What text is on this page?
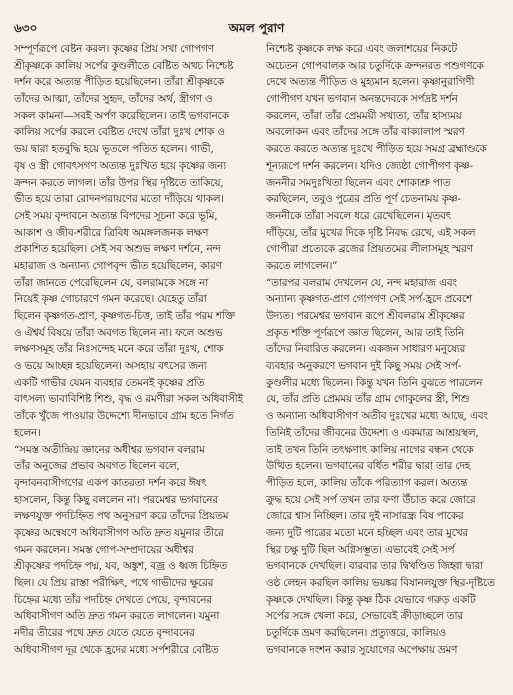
৬৩০	অমল পুরাণ
সম্পূর্ণরূপে বেষ্টন করল। কৃষ্ণের প্রিয় সখা গোপগণ
শ্রীকৃষ্ণকে কালিয় সর্পের কুণ্ডলীতে বেষ্টিত অথচ নিশ্চেষ্ট
দর্শন করে অত্যন্ত পীড়িত হয়েছিলেন। তাঁরা শ্রীকৃষ্ণকে
তাঁদের আত্মা, তাঁদের সুহৃদ, তাঁদের অর্থ, স্ত্রীগণ ও
সকল কামনা—সবই অর্পণ করেছিলেন। তাই ভগবানকে
কালিয় সর্পের করলে বেষ্টিত দেখে তাঁরা দুঃখ শোক ও
ভয় দ্বারা হতবুদ্ধি হয়ে ভূতলে পতিত হলেন। গাভী,
বৃষ ও স্ত্রী গোবৎসগণ অত্যন্ত দুঃখিত হয়ে কৃষ্ণের জন্য
ক্রন্দন করতে লাগল। তাঁর উপর স্থির দৃষ্টিতে তাকিয়ে,
ভীত হয়ে তারা রোদনপরায়ণের মতো দাঁড়িয়ে থাকল।
সেই সময় বৃন্দাবনে অত্যন্ত বিপদের সূচনা করে ভূমি,
আকাশ ও জীব-শরীরে ত্রিবিধ অমঙ্গলজনক লক্ষণ
প্রকাশিত হয়েছিল। সেই সব অশুভ লক্ষণ দর্শনে, নন্দ
মহারাজ ও অন্যান্য গোপবৃন্দ ভীত হয়েছিলেন, কারণ
তাঁরা জানতে পেরেছিলেন যে, বলরামকে সঙ্গে না
নিয়েই কৃষ্ণ গোচারণে গমন করেছে। যেহেতু তাঁরা
ছিলেন কৃষ্ণগত-প্রাণ, কৃষ্ণগত-চিত্ত, তাই তাঁর পরম শক্তি
ও ঐশ্বর্য বিষয়ে তাঁরা অবগত ছিলেন না। ফলে অশুভ
লক্ষণসমূহ তাঁর নিঃসন্দেহ মনে করে তাঁরা দুঃখ, শোক
ও ভয়ে আচ্ছন্ন হয়েছিলেন। অসহায় বৎসের জন্য
একটি গাভীর যেমন ব্যবহার তেমনই কৃষ্ণের প্রতি
বাৎসল্য ভাবাবিশিষ্ট শিশু, বৃদ্ধ ও রমণীরা সকল অধিবাসীই
তাঁকে খুঁজে পাওয়ার উদ্দেশ্যে দীনভাবে গ্রাম হতে নির্গত
হলেন।
“সমস্ত অতীন্দ্রিয় জ্ঞানের অধীশ্বর ভগবান বলরাম
তাঁর অনুজের প্রভাব অবগত ছিলেন বলে,
বৃন্দাবনবাসীগণের একপ কাতরতা দর্শন করে ঈষৎ
হাসলেন, কিন্তু কিছু বললেন না। পরমেশ্বর ভগবানের
লক্ষণযুক্ত পদচিহ্নিত পথ অনুসরণ করে তাঁদের প্রিয়তম
কৃষ্ণের অন্বেষণে অধিবাসীগণ অতি দ্রুত যমুনার তীরে
গমন করলেন। সমস্ত গোপ-সম্প্রদায়ের অধীশ্বর
শ্রীকৃষ্ণের পদচিহ্ন পদ্ম, যব, অঙ্কুশ, বজ্র ও ধ্বজ চিহ্নিত
ছিল। যে প্রিয় রাস্তা পরীক্ষিৎ, পথে গাভীদের ক্ষুরের
চিহ্নের মধ্যে তাঁর পদচিহ্ন দেখতে পেয়ে, বৃন্দাবনের
অধিবাসীগণ অতি দ্রুত গমন করতে লাগলেন। যমুনা
নদীর তীরের পথে দ্রুত যেতে যেতে বৃন্দাবনের
অধিবাসীগণ দূর থেকে হ্রদের মধ্যে সর্পশরীরে বেষ্টিত
নিশ্চেষ্ট কৃষ্ণকে লক্ষ করে এবং জলাশয়ের নিকটে
অচেতন গোপবালক আর চতুর্দিকে ক্রন্দনরত পশুগণকে
দেখে অত্যন্ত পীড়িত ও মুহ্যমান হলেন। কৃষ্ণানুরাগিণী
গোপীগণ যখন ভগবান অনন্তদেবকে সর্পদ্রষ্ট দর্শন
করলেন, তাঁরা তাঁর প্রেমময়ী সখ্যতা, তাঁর হাস্যময়
অবলোকন এবং তাঁদের সঙ্গে তাঁর বাক্যালাপ স্মরণ
করতে করতে অত্যন্ত দুঃখে পীড়িত হয়ে সমগ্র ব্রহ্মাণ্ডকে
শূন্যরূপে দর্শন করলেন। যদিও জ্যেষ্ঠা গোপীগণ কৃষ্ণ-
জননীর সমদুঃখিতা ছিলেন এবং শোকাশ্রু পাত
করছিলেন, তবুও পুত্রের প্রতি পূর্ণ চেতনাময় কৃষ্ণ-
জননীকে তাঁরা সবলে ধরে রেখেছিলেন। মৃতবৎ
দাঁড়িয়ে, তাঁর মুখের দিকে দৃষ্টি নিবদ্ধ রেখে, এই সকল
গোপীরা প্রত্যেকে ব্রজের প্রিয়তমের লীলাসমূহ স্মরণ
করতে লাগলেন।”
“তারপর বলরাম দেখলেন যে, নন্দ মহারাজ এবং
অন্যান্য কৃষ্ণগত-প্রাণ গোপগণ সেই সর্প-হ্রদে প্রবেশে
উদ্যত। পরমেশ্বর ভগবান রূপে শ্রীবলরাম শ্রীকৃষ্ণের
প্রকৃত শক্তি পূর্ণরূপে জ্ঞাত ছিলেন, আর তাই তিনি
তাঁদের নিবারিত করলেন। একজন সাধারণ মনুষ্যের
ব্যবহার অনুকরণে ভগবান দুই কিছু সময় সেই সর্প-
কুণ্ডলীর মধ্যে ছিলেন। কিন্তু যখন তিনি বুঝতে পারলেন
যে, তাঁর প্রতি প্রেমময় তাঁর গ্রাম গোকুলের স্ত্রী, শিশু
ও অন্যান্য অধিবাসীগণ অতীব দুঃখের মধ্যে আছে, এবং
তিনিই তাঁদের জীবনের উদ্দেশ্য ও একমাত্র আশ্রয়স্থল,
তাই তখন তিনি তৎক্ষণাৎ কালিয় নাগের বন্ধন থেকে
উত্থিত হলেন। ভগবানের বর্ধিত শরীর দ্বারা তার দেহ
পীড়িত হলে, কালিয় তাঁকে পরিত্যাগ করল। অত্যন্ত
ক্রুদ্ধ হয়ে সেই সর্প তখন তার ফণা উঁচাত করে জোরে
জোরে শ্বাস নিচ্ছিল। তার দুই নাসারন্ধ্র বিষ পাকের
জন্য দুটি পাত্রের মতো মনে হচ্ছিল এবং তার মুখের
স্থির চক্ষু দুটি ছিল অগ্নিসম্ভূত। এভাবেই সেই সর্প
ভগবানকে দেখছিল। বারবার তার দ্বিখণ্ডিত জিহ্বা দ্বারা
ওষ্ঠ লেহন করছিল কালিয় ভয়ঙ্কর বিষানলযুক্ত স্থির-দৃষ্টিতে
কৃষ্ণকে দেখছিল। কিন্তু কৃষ্ণ ঠিক যেভাবে গরুড় একটি
সর্পের সঙ্গে খেলা করে, সেভাবেই ক্রীড়াচ্ছলে তার
চতুর্দিকে ভ্রমণ করছিলেন। প্রত্যুত্তরে, কালিয়ও
ভগবানকে দংশন করার সুযোগের অপেক্ষায় ভ্রমণ
